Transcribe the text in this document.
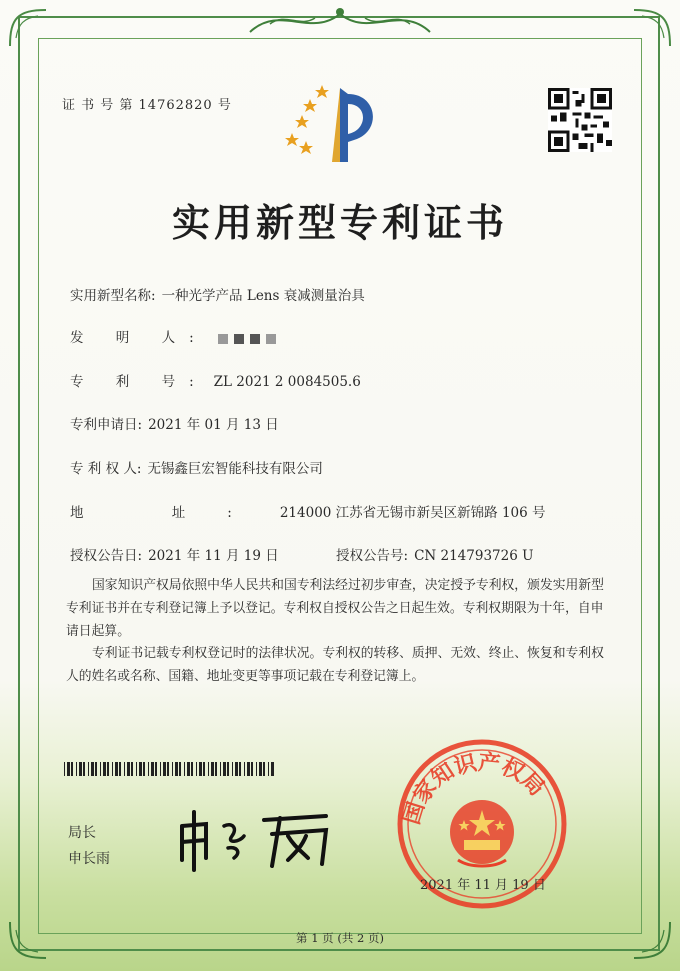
证 书 号 第 14762820 号
实用新型专利证书
实用新型名称: 一种光学产品 Lens 衰减测量治具
发 明 人:
专 利 号: ZL 2021 2 0084505.6
专利申请日: 2021 年 01 月 13 日
专 利 权 人: 无锡鑫巨宏智能科技有限公司
地 址: 214000 江苏省无锡市新吴区新锦路 106 号
授权公告日: 2021 年 11 月 19 日	授权公告号: CN 214793726 U
国家知识产权局依照中华人民共和国专利法经过初步审查，决定授予专利权，颁发实用新型专利证书并在专利登记簿上予以登记。专利权自授权公告之日起生效。专利权期限为十年，自申请日起算。
专利证书记载专利权登记时的法律状况。专利权的转移、质押、无效、终止、恢复和专利权人的姓名或名称、国籍、地址变更等事项记载在专利登记簿上。
局长
申长雨
国家知识产权局
2021 年 11 月 19 日
第 1 页 (共 2 页)
